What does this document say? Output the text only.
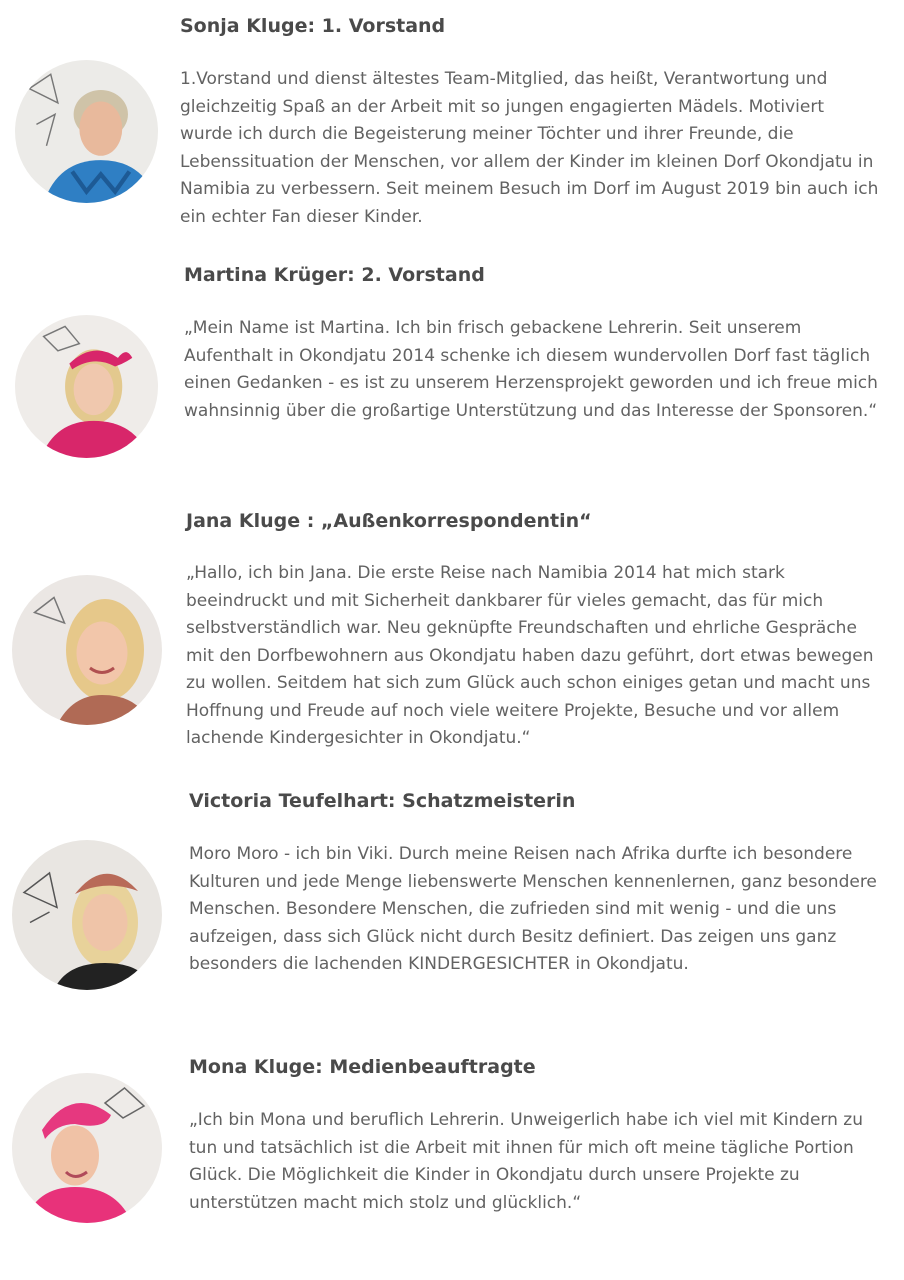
Sonja Kluge: 1. Vorstand

1.Vorstand und dienst ältestes Team-Mitglied, das heißt, Verantwortung und gleichzeitig Spaß an der Arbeit mit so jungen engagierten Mädels. Motiviert wurde ich durch die Begeisterung meiner Töchter und ihrer Freunde, die Lebenssituation der Menschen, vor allem der Kinder im kleinen Dorf Okondjatu in Namibia zu verbessern. Seit meinem Besuch im Dorf im August 2019 bin auch ich ein echter Fan dieser Kinder.

Martina Krüger: 2. Vorstand

„Mein Name ist Martina. Ich bin frisch gebackene Lehrerin. Seit unserem Aufenthalt in Okondjatu 2014 schenke ich diesem wundervollen Dorf fast täglich einen Gedanken - es ist zu unserem Herzensprojekt geworden und ich freue mich wahnsinnig über die großartige Unterstützung und das Interesse der Sponsoren.“

Jana Kluge : „Außenkorrespondentin“

„Hallo, ich bin Jana. Die erste Reise nach Namibia 2014 hat mich stark beeindruckt und mit Sicherheit dankbarer für vieles gemacht, das für mich selbstverständlich war. Neu geknüpfte Freundschaften und ehrliche Gespräche mit den Dorfbewohnern aus Okondjatu haben dazu geführt, dort etwas bewegen zu wollen. Seitdem hat sich zum Glück auch schon einiges getan und macht uns Hoffnung und Freude auf noch viele weitere Projekte, Besuche und vor allem lachende Kindergesichter in Okondjatu.“

Victoria Teufelhart: Schatzmeisterin

Moro Moro - ich bin Viki. Durch meine Reisen nach Afrika durfte ich besondere Kulturen und jede Menge liebenswerte Menschen kennenlernen, ganz besondere Menschen. Besondere Menschen, die zufrieden sind mit wenig - und die uns aufzeigen, dass sich Glück nicht durch Besitz definiert. Das zeigen uns ganz besonders die lachenden KINDERGESICHTER in Okondjatu.

Mona Kluge: Medienbeauftragte

„Ich bin Mona und beruflich Lehrerin. Unweigerlich habe ich viel mit Kindern zu tun und tatsächlich ist die Arbeit mit ihnen für mich oft meine tägliche Portion Glück. Die Möglichkeit die Kinder in Okondjatu durch unsere Projekte zu unterstützen macht mich stolz und glücklich.“
